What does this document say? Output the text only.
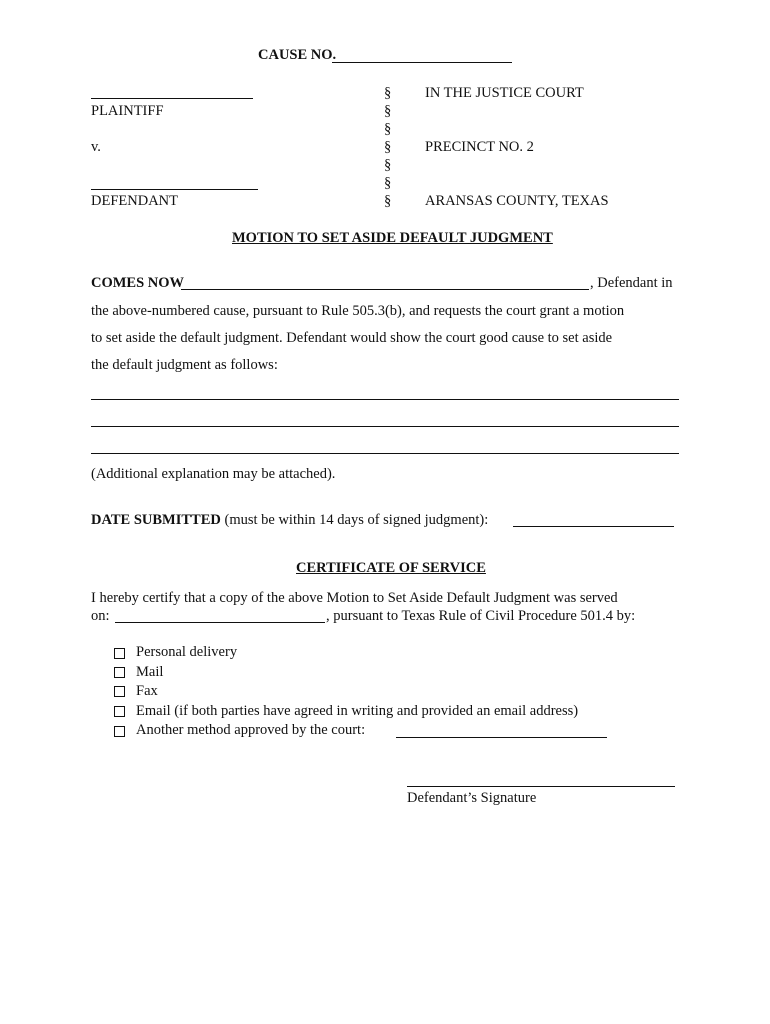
CAUSE NO.
PLAINTIFF
v.
DEFENDANT
§
§
§
§
§
§
§
IN THE JUSTICE COURT
PRECINCT NO. 2
ARANSAS COUNTY, TEXAS
MOTION TO SET ASIDE DEFAULT JUDGMENT
COMES NOW	, Defendant in
the above-numbered cause, pursuant to Rule 505.3(b), and requests the court grant a motion
to set aside the default judgment. Defendant would show the court good cause to set aside
the default judgment as follows:
(Additional explanation may be attached).
DATE SUBMITTED (must be within 14 days of signed judgment):
CERTIFICATE OF SERVICE
I hereby certify that a copy of the above Motion to Set Aside Default Judgment was served
on:	, pursuant to Texas Rule of Civil Procedure 501.4 by:
Personal delivery
Mail
Fax
Email (if both parties have agreed in writing and provided an email address)
Another method approved by the court:
Defendant’s Signature
